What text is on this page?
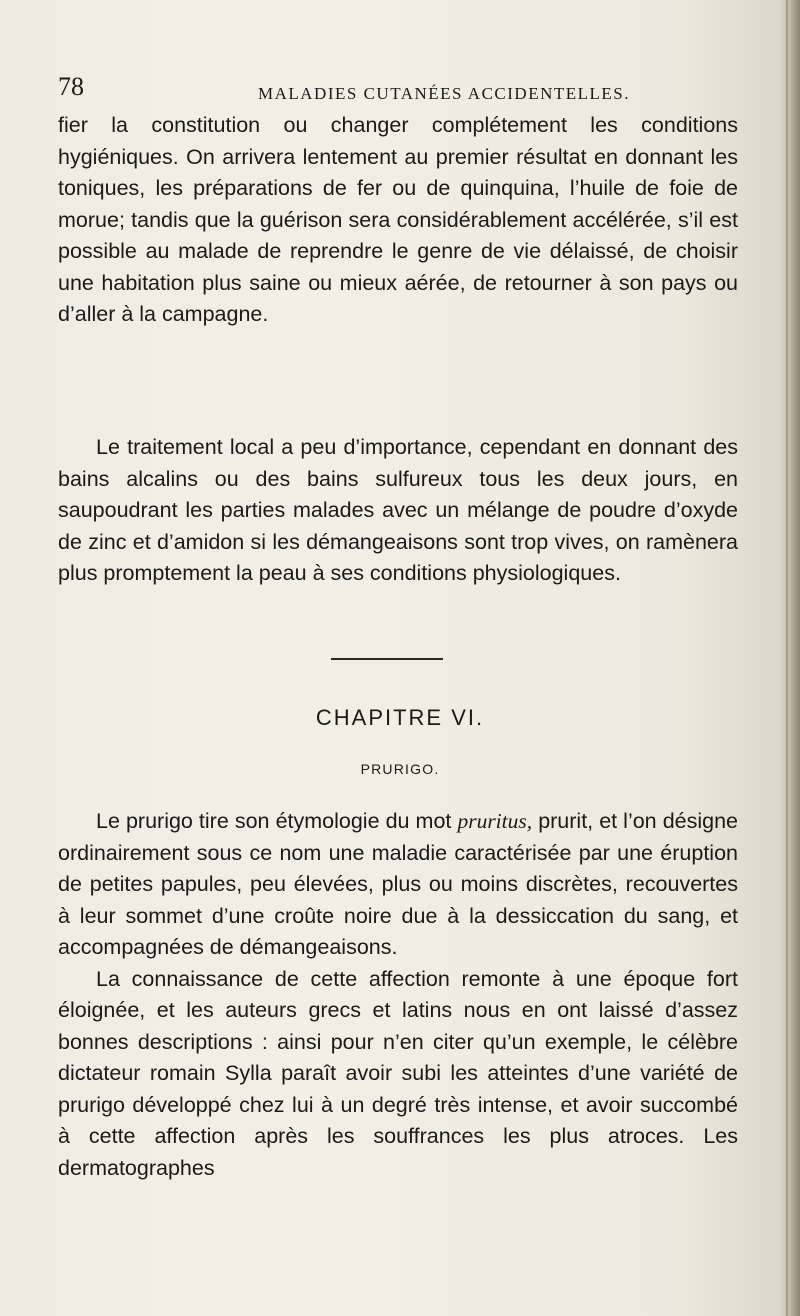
78	MALADIES CUTANÉES ACCIDENTELLES.

fier la constitution ou changer complétement les conditions hygiéniques. On arrivera lentement au premier résultat en donnant les toniques, les préparations de fer ou de quinquina, l’huile de foie de morue; tandis que la guérison sera considérablement accélérée, s’il est possible au malade de reprendre le genre de vie délaissé, de choisir une habitation plus saine ou mieux aérée, de retourner à son pays ou d’aller à la campagne.

Le traitement local a peu d’importance, cependant en donnant des bains alcalins ou des bains sulfureux tous les deux jours, en saupoudrant les parties malades avec un mélange de poudre d’oxyde de zinc et d’amidon si les démangeaisons sont trop vives, on ramènera plus promptement la peau à ses conditions physiologiques.

CHAPITRE VI.
PRURIGO.

Le prurigo tire son étymologie du mot pruritus, prurit, et l’on désigne ordinairement sous ce nom une maladie caractérisée par une éruption de petites papules, peu élevées, plus ou moins discrètes, recouvertes à leur sommet d’une croûte noire due à la dessiccation du sang, et accompagnées de démangeaisons.

La connaissance de cette affection remonte à une époque fort éloignée, et les auteurs grecs et latins nous en ont laissé d’assez bonnes descriptions : ainsi pour n’en citer qu’un exemple, le célèbre dictateur romain Sylla paraît avoir subi les atteintes d’une variété de prurigo développé chez lui à un degré très intense, et avoir succombé à cette affection après les souffrances les plus atroces. Les dermatographes
